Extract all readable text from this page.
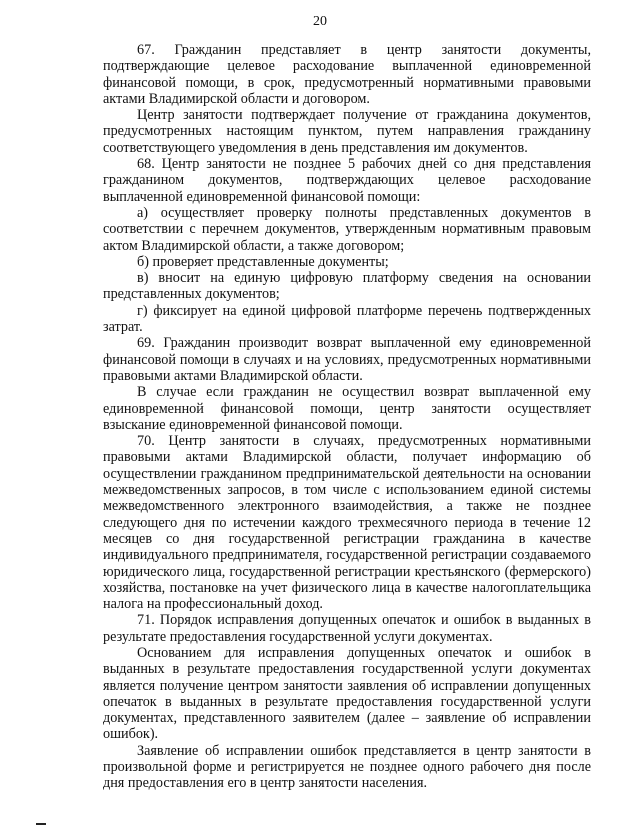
20

67. Гражданин представляет в центр занятости документы, подтверждающие целевое расходование выплаченной единовременной финансовой помощи, в срок, предусмотренный нормативными правовыми актами Владимирской области и договором.

Центр занятости подтверждает получение от гражданина документов, предусмотренных настоящим пунктом, путем направления гражданину соответствующего уведомления в день представления им документов.

68. Центр занятости не позднее 5 рабочих дней со дня представления гражданином документов, подтверждающих целевое расходование выплаченной единовременной финансовой помощи:

а) осуществляет проверку полноты представленных документов в соответствии с перечнем документов, утвержденным нормативным правовым актом Владимирской области, а также договором;

б) проверяет представленные документы;

в) вносит на единую цифровую платформу сведения на основании представленных документов;

г) фиксирует на единой цифровой платформе перечень подтвержденных затрат.

69. Гражданин производит возврат выплаченной ему единовременной финансовой помощи в случаях и на условиях, предусмотренных нормативными правовыми актами Владимирской области.

В случае если гражданин не осуществил возврат выплаченной ему единовременной финансовой помощи, центр занятости осуществляет взыскание единовременной финансовой помощи.

70. Центр занятости в случаях, предусмотренных нормативными правовыми актами Владимирской области, получает информацию об осуществлении гражданином предпринимательской деятельности на основании межведомственных запросов, в том числе с использованием единой системы межведомственного электронного взаимодействия, а также не позднее следующего дня по истечении каждого трехмесячного периода в течение 12 месяцев со дня государственной регистрации гражданина в качестве индивидуального предпринимателя, государственной регистрации создаваемого юридического лица, государственной регистрации крестьянского (фермерского) хозяйства, постановке на учет физического лица в качестве налогоплательщика налога на профессиональный доход.

71. Порядок исправления допущенных опечаток и ошибок в выданных в результате предоставления государственной услуги документах.

Основанием для исправления допущенных опечаток и ошибок в выданных в результате предоставления государственной услуги документах является получение центром занятости заявления об исправлении допущенных опечаток в выданных в результате предоставления государственной услуги документах, представленного заявителем (далее – заявление об исправлении ошибок).

Заявление об исправлении ошибок представляется в центр занятости в произвольной форме и регистрируется не позднее одного рабочего дня после дня предоставления его в центр занятости населения.
